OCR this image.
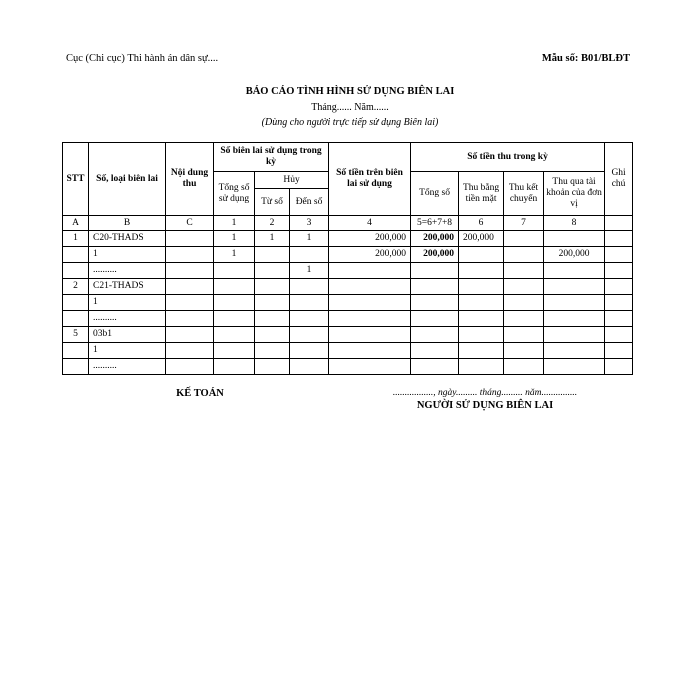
Cục (Chi cục) Thi hành án dân sự....	Mẫu số: B01/BLĐT
BÁO CÁO TÌNH HÌNH SỬ DỤNG BIÊN LAI
Tháng...... Năm......
(Dùng cho người trực tiếp sử dụng Biên lai)
STT	Số, loại biên lai	Nội dung thu	Số biên lai sử dụng trong kỳ			Số tiền trên biên lai sử dụng	Số tiền thu trong kỳ				Ghi chú
			Tổng số sử dụng	Hủy			Tổng số	Thu bằng tiền mặt	Thu kết chuyển	Thu qua tài khoản của đơn vị	
				Từ số	Đến số						
A	B	C	1	2	3	4	5=6+7+8	6	7	8	
1	C20-THADS		1	1	1	200,000	200,000	200,000			
	1		1			200,000	200,000			200,000	
	..........				1						
2	C21-THADS										
	1										
	..........										
5	03b1										
	1										
	..........										
KẾ TOÁN	................., ngày......... tháng......... năm...............
NGƯỜI SỬ DỤNG BIÊN LAI
